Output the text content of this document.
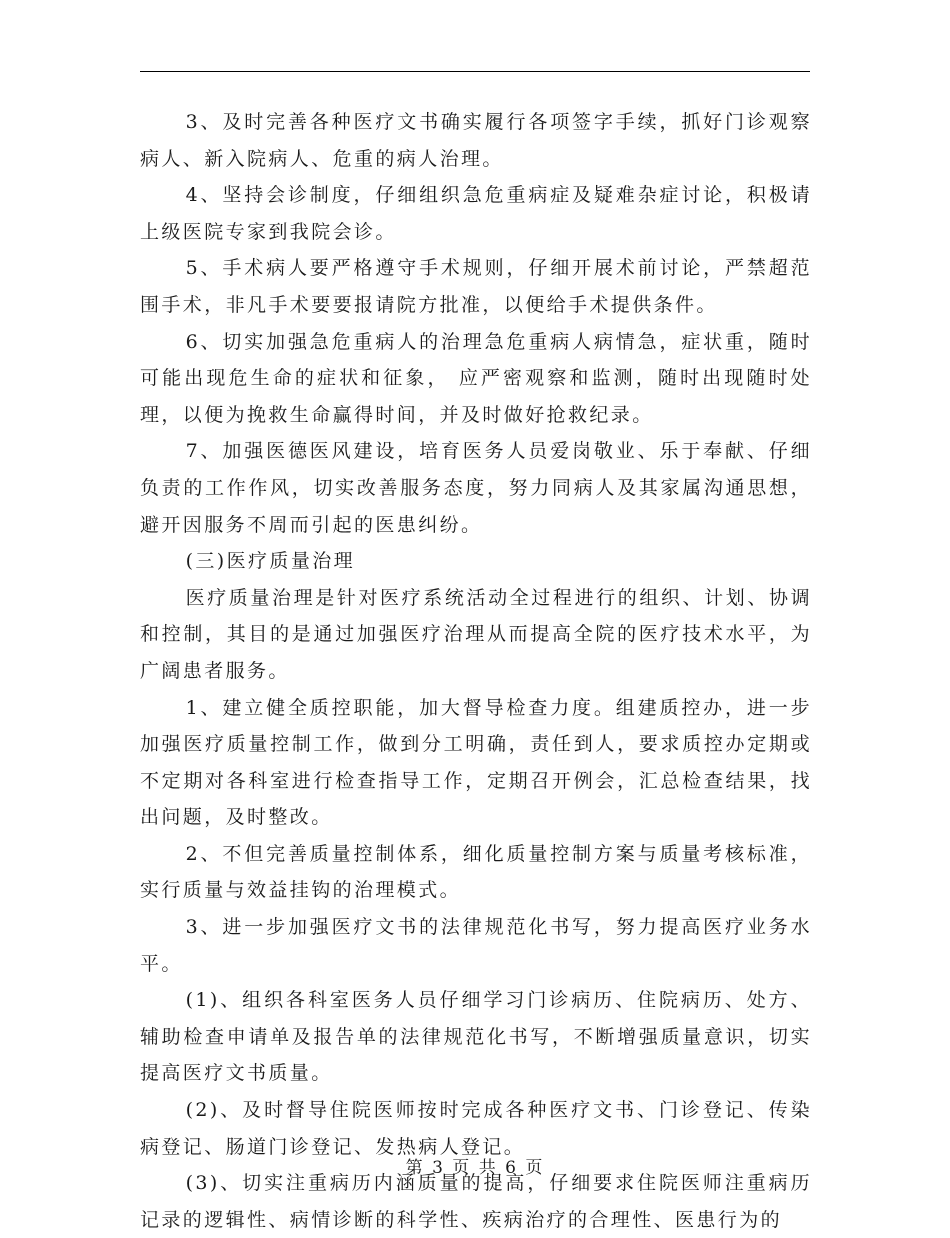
3、及时完善各种医疗文书确实履行各项签字手续，抓好门诊观察病人、新入院病人、危重的病人治理。

4、坚持会诊制度，仔细组织急危重病症及疑难杂症讨论，积极请上级医院专家到我院会诊。

5、手术病人要严格遵守手术规则，仔细开展术前讨论，严禁超范围手术，非凡手术要要报请院方批准，以便给手术提供条件。

6、切实加强急危重病人的治理急危重病人病情急，症状重，随时可能出现危生命的症状和征象， 应严密观察和监测，随时出现随时处理，以便为挽救生命赢得时间，并及时做好抢救纪录。

7、加强医德医风建设，培育医务人员爱岗敬业、乐于奉献、仔细负责的工作作风，切实改善服务态度，努力同病人及其家属沟通思想，避开因服务不周而引起的医患纠纷。

(三)医疗质量治理

医疗质量治理是针对医疗系统活动全过程进行的组织、计划、协调和控制，其目的是通过加强医疗治理从而提高全院的医疗技术水平，为广阔患者服务。

1、建立健全质控职能，加大督导检查力度。组建质控办，进一步加强医疗质量控制工作，做到分工明确，责任到人，要求质控办定期或不定期对各科室进行检查指导工作，定期召开例会，汇总检查结果，找出问题，及时整改。

2、不但完善质量控制体系，细化质量控制方案与质量考核标准，实行质量与效益挂钩的治理模式。

3、进一步加强医疗文书的法律规范化书写，努力提高医疗业务水平。

(1)、组织各科室医务人员仔细学习门诊病历、住院病历、处方、辅助检查申请单及报告单的法律规范化书写，不断增强质量意识，切实提高医疗文书质量。

(2)、及时督导住院医师按时完成各种医疗文书、门诊登记、传染病登记、肠道门诊登记、发热病人登记。

(3)、切实注重病历内涵质量的提高，仔细要求住院医师注重病历记录的逻辑性、病情诊断的科学性、疾病治疗的合理性、医患行为的

第 3 页 共 6 页
